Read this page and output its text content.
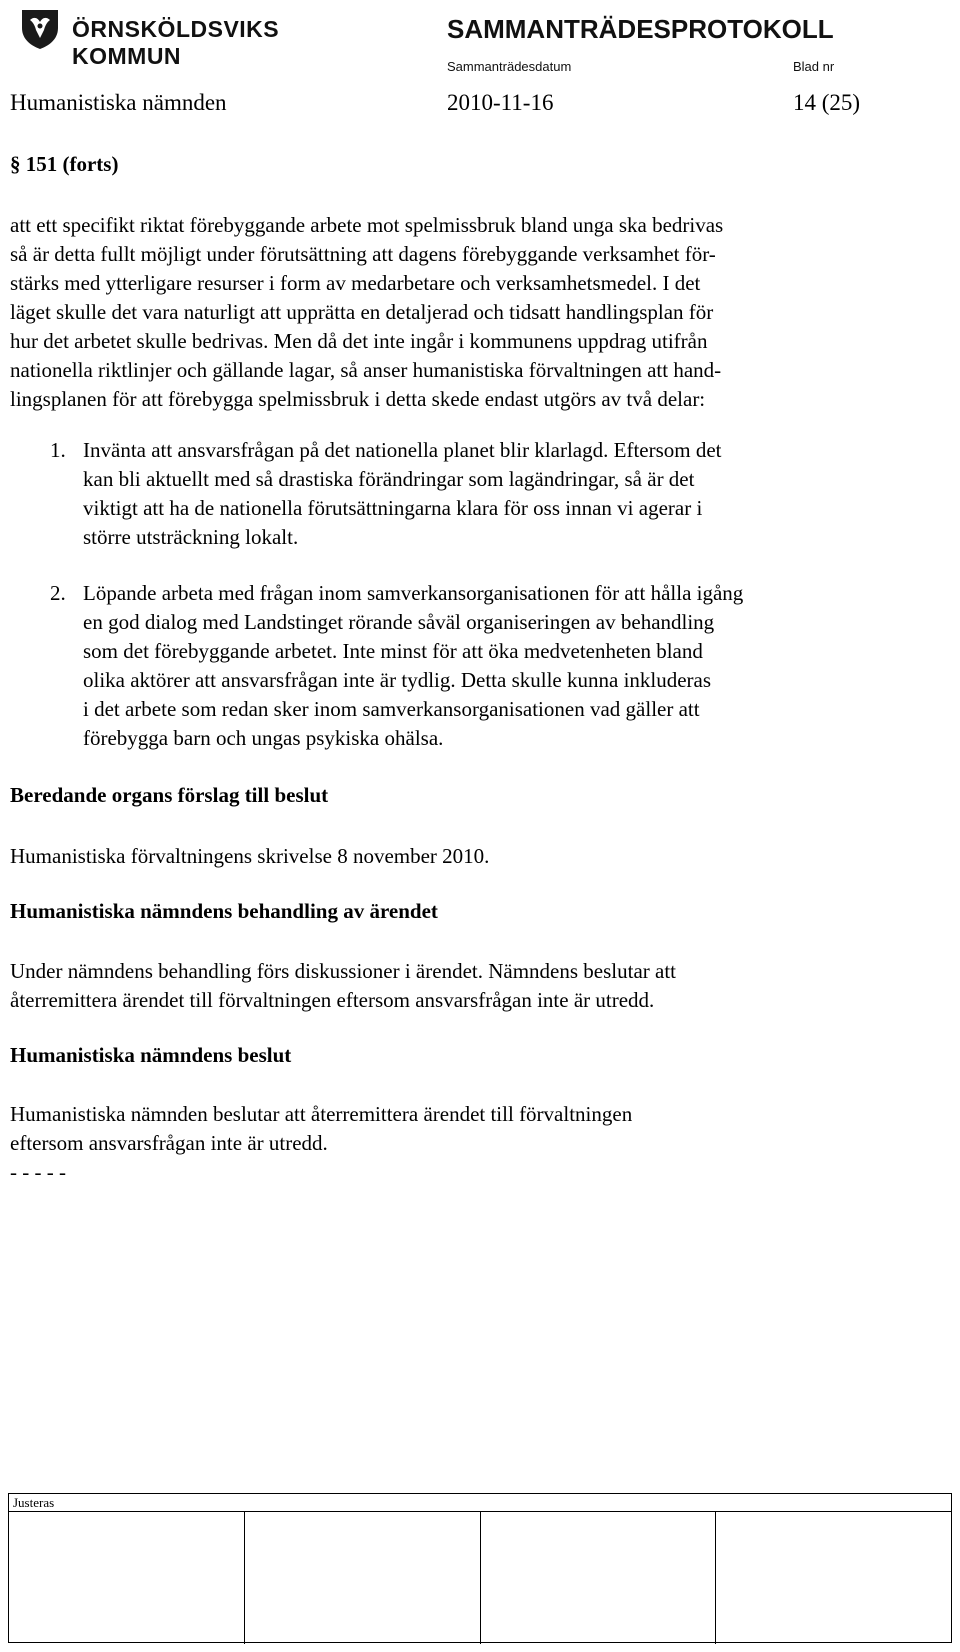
ÖRNSKÖLDSVIKS KOMMUN
SAMMANTRÄDESPROTOKOLL
Sammanträdesdatum	Blad nr
Humanistiska nämnden	2010-11-16	14 (25)
§ 151 (forts)
att ett specifikt riktat förebyggande arbete mot spelmissbruk bland unga ska bedrivas
så är detta fullt möjligt under förutsättning att dagens förebyggande verksamhet för-
stärks med ytterligare resurser i form av medarbetare och verksamhetsmedel. I det
läget skulle det vara naturligt att upprätta en detaljerad och tidsatt handlingsplan för
hur det arbetet skulle bedrivas. Men då det inte ingår i kommunens uppdrag utifrån
nationella riktlinjer och gällande lagar, så anser humanistiska förvaltningen att hand-
lingsplanen för att förebygga spelmissbruk i detta skede endast utgörs av två delar:
1. Invänta att ansvarsfrågan på det nationella planet blir klarlagd. Eftersom det
kan bli aktuellt med så drastiska förändringar som lagändringar, så är det
viktigt att ha de nationella förutsättningarna klara för oss innan vi agerar i
större utsträckning lokalt.
2. Löpande arbeta med frågan inom samverkansorganisationen för att hålla igång
en god dialog med Landstinget rörande såväl organiseringen av behandling
som det förebyggande arbetet. Inte minst för att öka medvetenheten bland
olika aktörer att ansvarsfrågan inte är tydlig. Detta skulle kunna inkluderas
i det arbete som redan sker inom samverkansorganisationen vad gäller att
förebygga barn och ungas psykiska ohälsa.
Beredande organs förslag till beslut
Humanistiska förvaltningens skrivelse 8 november 2010.
Humanistiska nämndens behandling av ärendet
Under nämndens behandling förs diskussioner i ärendet. Nämndens beslutar att
återremittera ärendet till förvaltningen eftersom ansvarsfrågan inte är utredd.
Humanistiska nämndens beslut
Humanistiska nämnden beslutar att återremittera ärendet till förvaltningen
eftersom ansvarsfrågan inte är utredd.
- - - - -
Justeras
